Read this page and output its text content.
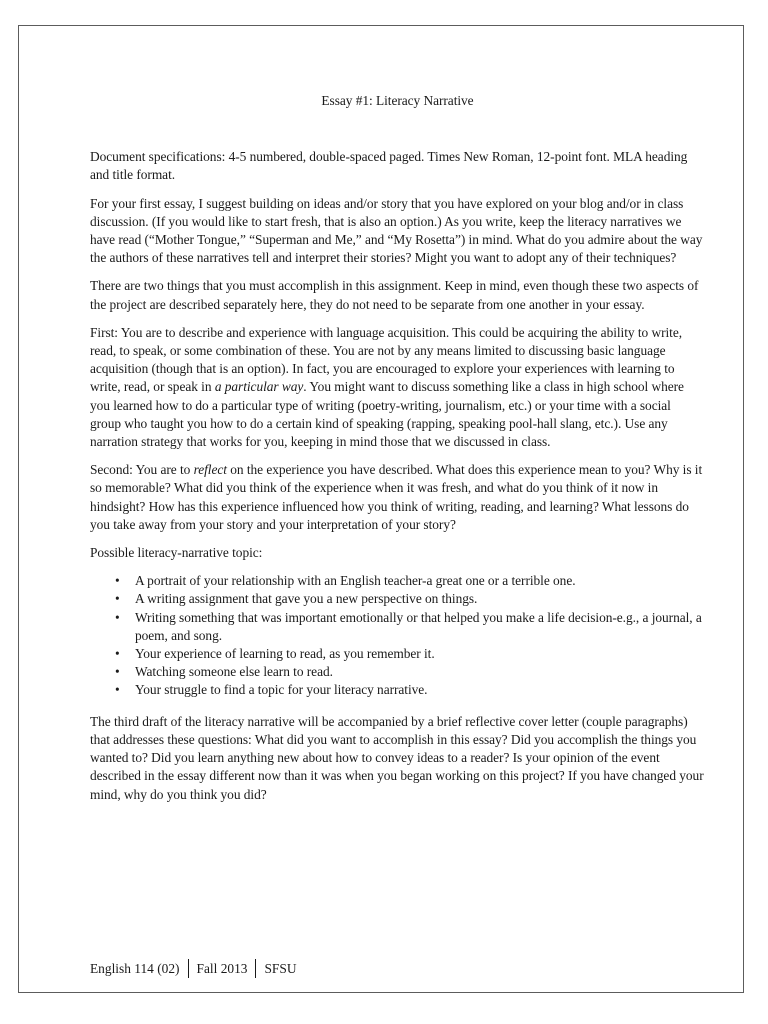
Essay #1: Literacy Narrative

Document specifications: 4-5 numbered, double-spaced paged. Times New Roman, 12-point font. MLA heading and title format.

For your first essay, I suggest building on ideas and/or story that you have explored on your blog and/or in class discussion. (If you would like to start fresh, that is also an option.) As you write, keep the literacy narratives we have read (“Mother Tongue,” “Superman and Me,” and “My Rosetta”) in mind. What do you admire about the way the authors of these narratives tell and interpret their stories? Might you want to adopt any of their techniques?

There are two things that you must accomplish in this assignment. Keep in mind, even though these two aspects of the project are described separately here, they do not need to be separate from one another in your essay.

First: You are to describe and experience with language acquisition. This could be acquiring the ability to write, read, to speak, or some combination of these. You are not by any means limited to discussing basic language acquisition (though that is an option). In fact, you are encouraged to explore your experiences with learning to write, read, or speak in a particular way. You might want to discuss something like a class in high school where you learned how to do a particular type of writing (poetry-writing, journalism, etc.) or your time with a social group who taught you how to do a certain kind of speaking (rapping, speaking pool-hall slang, etc.). Use any narration strategy that works for you, keeping in mind those that we discussed in class.

Second: You are to reflect on the experience you have described. What does this experience mean to you? Why is it so memorable? What did you think of the experience when it was fresh, and what do you think of it now in hindsight? How has this experience influenced how you think of writing, reading, and learning? What lessons do you take away from your story and your interpretation of your story?

Possible literacy-narrative topic:

• A portrait of your relationship with an English teacher-a great one or a terrible one.
• A writing assignment that gave you a new perspective on things.
• Writing something that was important emotionally or that helped you make a life decision-e.g., a journal, a poem, and song.
• Your experience of learning to read, as you remember it.
• Watching someone else learn to read.
• Your struggle to find a topic for your literacy narrative.

The third draft of the literacy narrative will be accompanied by a brief reflective cover letter (couple paragraphs) that addresses these questions: What did you want to accomplish in this essay? Did you accomplish the things you wanted to? Did you learn anything new about how to convey ideas to a reader? Is your opinion of the event described in the essay different now than it was when you began working on this project? If you have changed your mind, why do you think you did?

English 114 (02) Fall 2013 SFSU
